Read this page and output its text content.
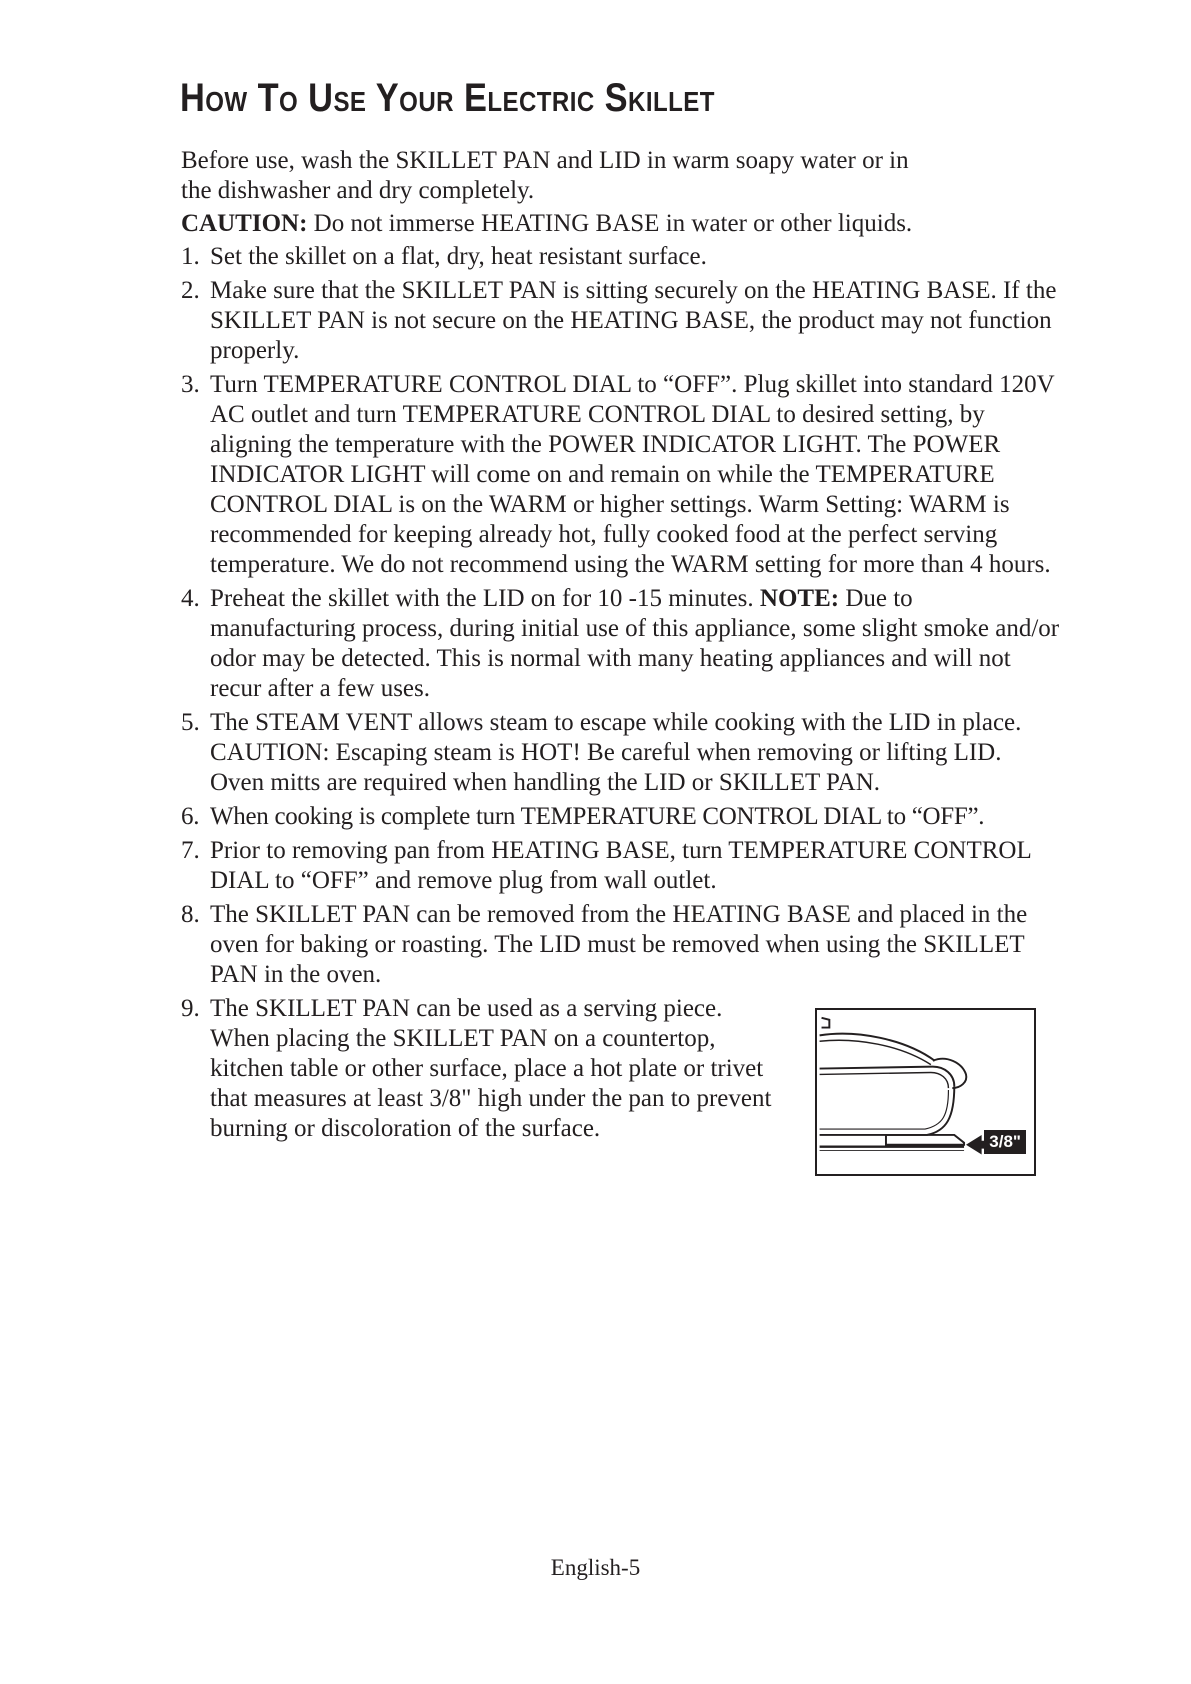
How To Use Your Electric Skillet

Before use, wash the SKILLET PAN and LID in warm soapy water or in the dishwasher and dry completely.

CAUTION: Do not immerse HEATING BASE in water or other liquids.

1. Set the skillet on a flat, dry, heat resistant surface.
2. Make sure that the SKILLET PAN is sitting securely on the HEATING BASE. If the SKILLET PAN is not secure on the HEATING BASE, the product may not function properly.
3. Turn TEMPERATURE CONTROL DIAL to “OFF”. Plug skillet into standard 120V AC outlet and turn TEMPERATURE CONTROL DIAL to desired setting, by aligning the temperature with the POWER INDICATOR LIGHT. The POWER INDICATOR LIGHT will come on and remain on while the TEMPERATURE CONTROL DIAL is on the WARM or higher settings. Warm Setting: WARM is recommended for keeping already hot, fully cooked food at the perfect serving temperature. We do not recommend using the WARM setting for more than 4 hours.
4. Preheat the skillet with the LID on for 10 -15 minutes. NOTE: Due to manufacturing process, during initial use of this appliance, some slight smoke and/or odor may be detected. This is normal with many heating appliances and will not recur after a few uses.
5. The STEAM VENT allows steam to escape while cooking with the LID in place. CAUTION: Escaping steam is HOT! Be careful when removing or lifting LID. Oven mitts are required when handling the LID or SKILLET PAN.
6. When cooking is complete turn TEMPERATURE CONTROL DIAL to “OFF”.
7. Prior to removing pan from HEATING BASE, turn TEMPERATURE CONTROL DIAL to “OFF” and remove plug from wall outlet.
8. The SKILLET PAN can be removed from the HEATING BASE and placed in the oven for baking or roasting. The LID must be removed when using the SKILLET PAN in the oven.
9. The SKILLET PAN can be used as a serving piece. When placing the SKILLET PAN on a countertop, kitchen table or other surface, place a hot plate or trivet that measures at least 3/8" high under the pan to prevent burning or discoloration of the surface.	3/8"
English-5
